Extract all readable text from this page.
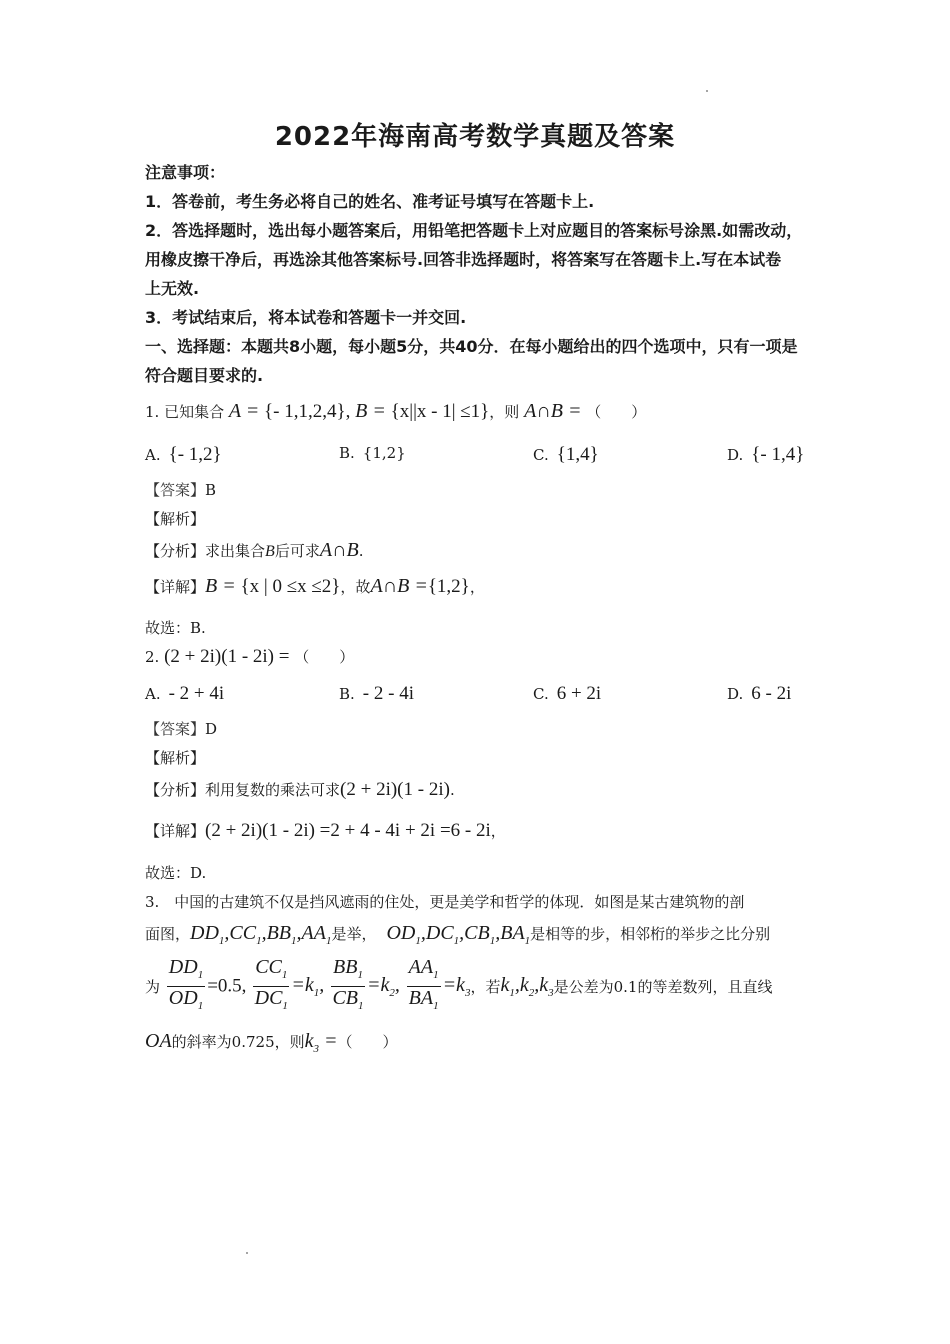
2022年海南高考数学真题及答案
注意事项：
1．答卷前，考生务必将自己的姓名、准考证号填写在答题卡上.
2．答选择题时，选出每小题答案后，用铅笔把答题卡上对应题目的答案标号涂黑.如需改动，
用橡皮擦干净后，再选涂其他答案标号.回答非选择题时，将答案写在答题卡上.写在本试卷
上无效.
3．考试结束后，将本试卷和答题卡一并交回.
一、选择题：本题共8小题，每小题5分，共40分．在每小题给出的四个选项中，只有一项是
符合题目要求的.
1. 已知集合 A = {- 1,1,2,4}, B = {x||x - 1| ≤1}，则 A∩B = （　　）
A. {- 1,2}	B. {1,2}	C. {1,4}	D. {- 1,4}
【答案】B
【解析】
【分析】求出集合B后可求A∩B.
【详解】B = {x | 0 ≤x ≤2}，故A∩B ={1,2}，
故选：B.
2. (2 + 2i)(1 - 2i) = （　　）
A. - 2 + 4i	B. - 2 - 4i	C. 6 + 2i	D. 6 - 2i
【答案】D
【解析】
【分析】利用复数的乘法可求(2 + 2i)(1 - 2i).
【详解】(2 + 2i)(1 - 2i) =2 + 4 - 4i + 2i =6 - 2i，
故选：D.
3.　中国的古建筑不仅是挡风遮雨的住处，更是美学和哲学的体现．如图是某古建筑物的剖
面图，$DD_1,CC_1,BB_1,AA_1$是举， $OD_1,DC_1,CB_1,BA_1$是相等的步，相邻桁的举步之比分别
为 $\frac{DD_1}{OD_1} =0.5$, $\frac{CC_1}{DC_1} =k_1$, $\frac{BB_1}{CB_1} =k_2$, $\frac{AA_1}{BA_1} =k_3$，若$k_1,k_2,k_3$是公差为0.1的等差数列，且直线
OA的斜率为0.725，则$k_3$ =（　　）
